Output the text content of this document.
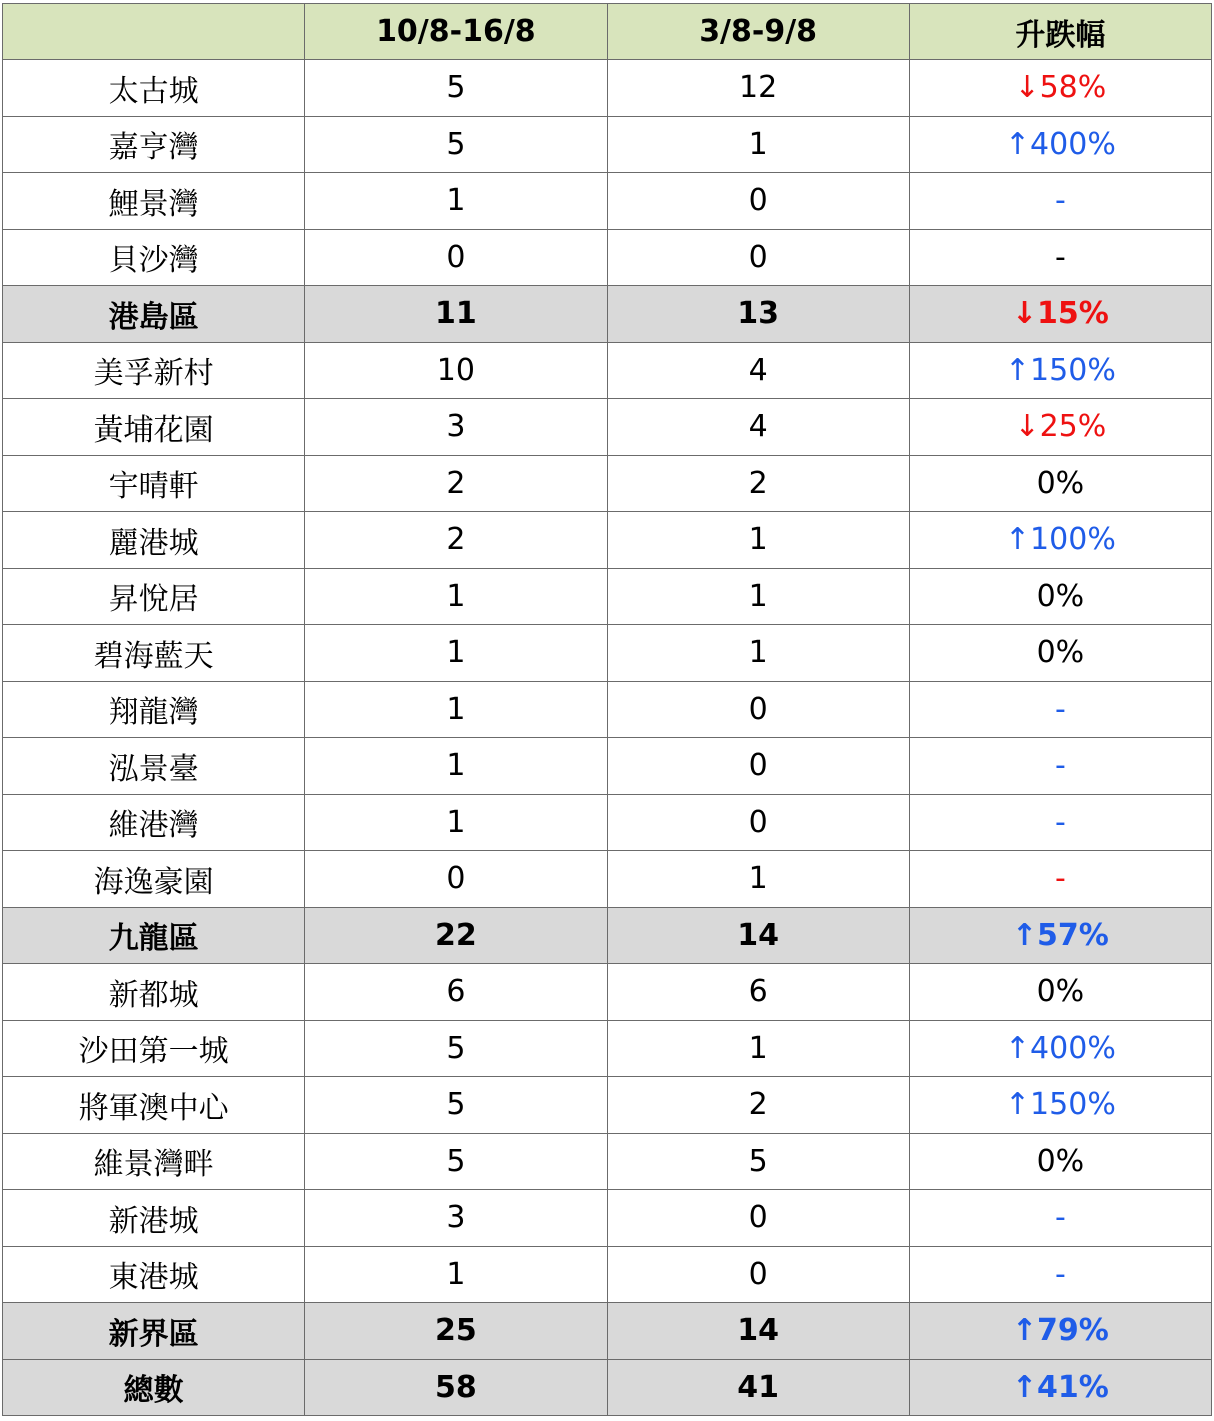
	10/8-16/8	3/8-9/8	升跌幅
太古城	5	12	↓58%
嘉亨灣	5	1	↑400%
鯉景灣	1	0	-
貝沙灣	0	0	-
港島區	11	13	↓15%
美孚新村	10	4	↑150%
黃埔花園	3	4	↓25%
宇晴軒	2	2	0%
麗港城	2	1	↑100%
昇悅居	1	1	0%
碧海藍天	1	1	0%
翔龍灣	1	0	-
泓景臺	1	0	-
維港灣	1	0	-
海逸豪園	0	1	-
九龍區	22	14	↑57%
新都城	6	6	0%
沙田第一城	5	1	↑400%
將軍澳中心	5	2	↑150%
維景灣畔	5	5	0%
新港城	3	0	-
東港城	1	0	-
新界區	25	14	↑79%
總數	58	41	↑41%
